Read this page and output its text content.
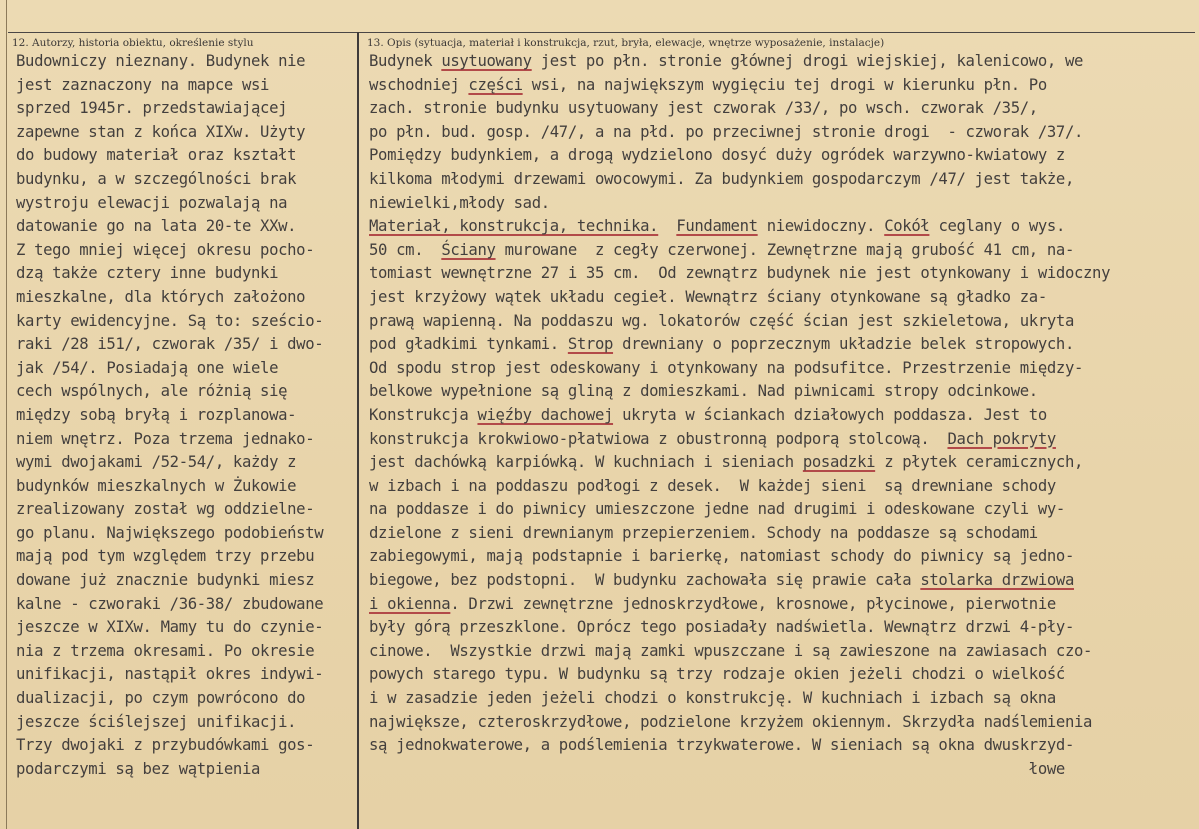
12. Autorzy, historia obiektu, określenie stylu	13. Opis (sytuacja, materiał i konstrukcja, rzut, bryła, elewacje, wnętrze wyposażenie, instalacje)
Budowniczy nieznany. Budynek nie
jest zaznaczony na mapce wsi
sprzed 1945r. przedstawiającej
zapewne stan z końca XIXw. Użyty
do budowy materiał oraz kształt
budynku, a w szczególności brak
wystroju elewacji pozwalają na
datowanie go na lata 20-te XXw.
Z tego mniej więcej okresu pocho-
dzą także cztery inne budynki
mieszkalne, dla których założono
karty ewidencyjne. Są to: sześcio-
raki /28 i51/, czworak /35/ i dwo-
jak /54/. Posiadają one wiele
cech wspólnych, ale różnią się
między sobą bryłą i rozplanowa-
niem wnętrz. Poza trzema jednako-
wymi dwojakami /52-54/, każdy z
budynków mieszkalnych w Żukowie
zrealizowany został wg oddzielne-
go planu. Największego podobieństw
mają pod tym względem trzy przebu
dowane już znacznie budynki miesz
kalne - czworaki /36-38/ zbudowane
jeszcze w XIXw. Mamy tu do czynie-
nia z trzema okresami. Po okresie
unifikacji, nastąpił okres indywi-
dualizacji, po czym powrócono do
jeszcze ściślejszej unifikacji.
Trzy dwojaki z przybudówkami gos-
podarczymi są bez wątpienia
Budynek usytuowany jest po płn. stronie głównej drogi wiejskiej, kalenicowo, we
wschodniej części wsi, na największym wygięciu tej drogi w kierunku płn. Po
zach. stronie budynku usytuowany jest czworak /33/, po wsch. czworak /35/,
po płn. bud. gosp. /47/, a na płd. po przeciwnej stronie drogi  - czworak /37/.
Pomiędzy budynkiem, a drogą wydzielono dosyć duży ogródek warzywno-kwiatowy z
kilkoma młodymi drzewami owocowymi. Za budynkiem gospodarczym /47/ jest także,
niewielki,młody sad.
Materiał, konstrukcja, technika. Fundament niewidoczny. Cokół ceglany o wys.
50 cm.  Ściany murowane  z cegły czerwonej. Zewnętrzne mają grubość 41 cm, na-
tomiast wewnętrzne 27 i 35 cm.  Od zewnątrz budynek nie jest otynkowany i widoczny
jest krzyżowy wątek układu cegieł. Wewnątrz ściany otynkowane są gładko za-
prawą wapienną. Na poddaszu wg. lokatorów część ścian jest szkieletowa, ukryta
pod gładkimi tynkami. Strop drewniany o poprzecznym układzie belek stropowych.
Od spodu strop jest odeskowany i otynkowany na podsufitce. Przestrzenie między-
belkowe wypełnione są gliną z domieszkami. Nad piwnicami stropy odcinkowe.
Konstrukcja więźby dachowej ukryta w ściankach działowych poddasza. Jest to
konstrukcja krokwiowo-płatwiowa z obustronną podporą stolcową.  Dach pokryty
jest dachówką karpiówką. W kuchniach i sieniach posadzki z płytek ceramicznych,
w izbach i na poddaszu podłogi z desek.  W każdej sieni  są drewniane schody
na poddasze i do piwnicy umieszczone jedne nad drugimi i odeskowane czyli wy-
dzielone z sieni drewnianym przepierzeniem. Schody na poddasze są schodami
zabiegowymi, mają podstapnie i barierkę, natomiast schody do piwnicy są jedno-
biegowe, bez podstopni.  W budynku zachowała się prawie cała stolarka drzwiowa
i okienna. Drzwi zewnętrzne jednoskrzydłowe, krosnowe, płycinowe, pierwotnie
były górą przeszklone. Oprócz tego posiadały nadświetla. Wewnątrz drzwi 4-pły-
cinowe.  Wszystkie drzwi mają zamki wpuszczane i są zawieszone na zawiasach czo-
powych starego typu. W budynku są trzy rodzaje okien jeżeli chodzi o wielkość
i w zasadzie jeden jeżeli chodzi o konstrukcję. W kuchniach i izbach są okna
największe, czteroskrzydłowe, podzielone krzyżem okiennym. Skrzydła nadślemienia
są jednokwaterowe, a podślemienia trzykwaterowe. W sieniach są okna dwuskrzyd-
łowe
